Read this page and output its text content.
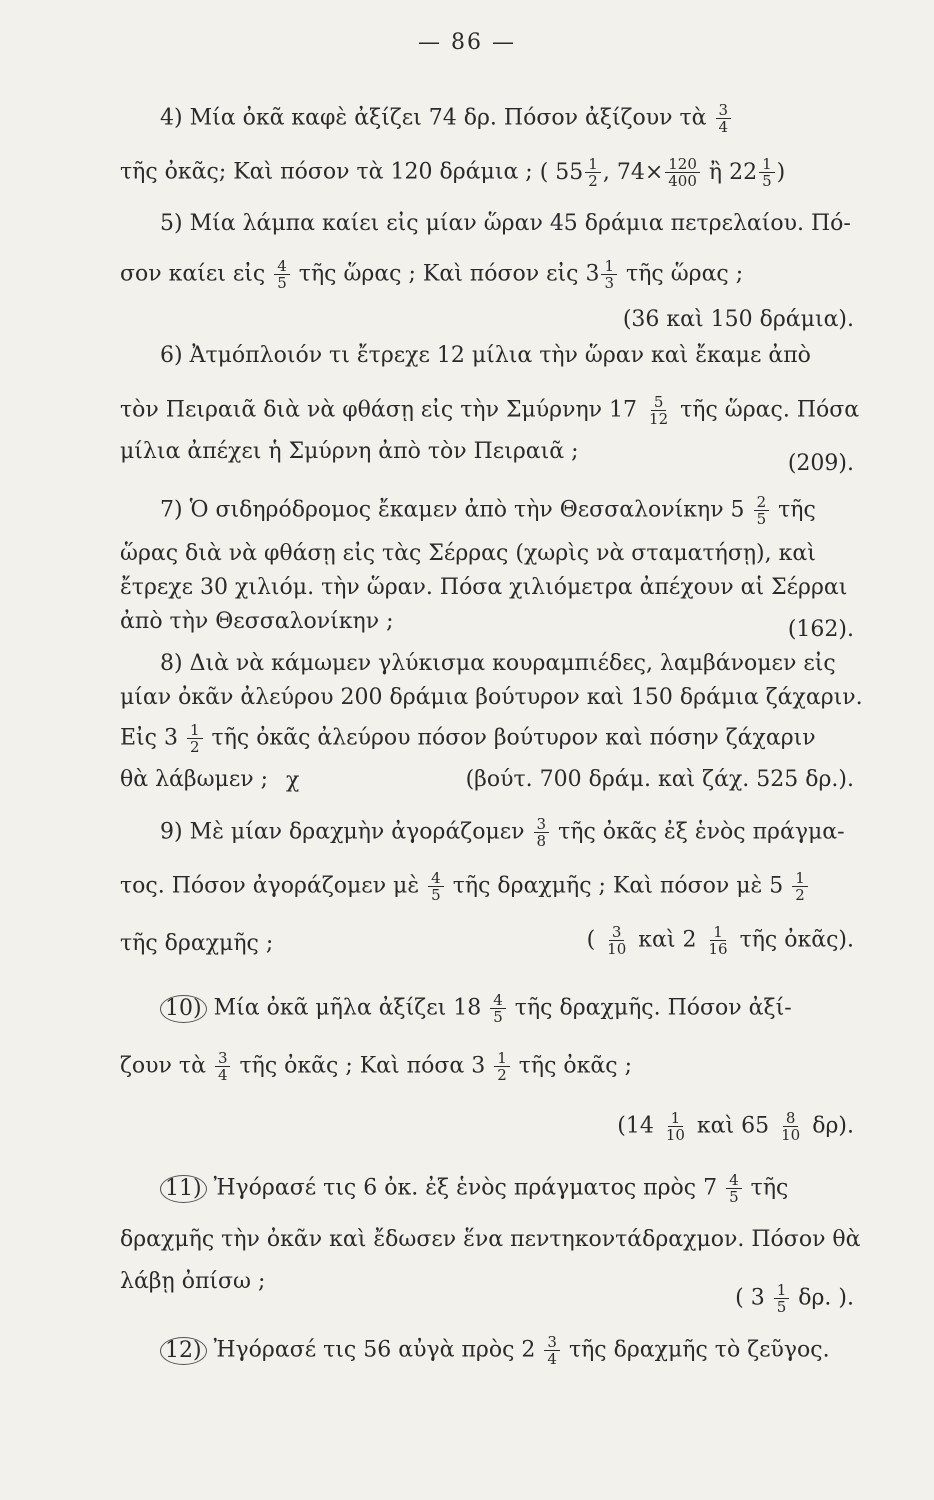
— 86 —
4) Μία ὀκᾶ καφὲ ἀξίζει 74 δρ. Πόσον ἀξίζουν τὰ $\frac{3}{4}$
τῆς ὀκᾶς; Καὶ πόσον τὰ 120 δράμια ; ( $55 \frac{1}{2}$ , $74\times \frac{120}{400}$ ἢ $22 \frac{1}{5}$ )
5) Μία λάμπα καίει εἰς μίαν ὥραν 45 δράμια πετρελαίου. Πό-
σον καίει εἰς $\frac{4}{5}$ τῆς ὥρας ; Καὶ πόσον εἰς $3 \frac{1}{3}$ τῆς ὥρας ;
(36 καὶ 150 δράμια).
6) Ἀτμόπλοιόν τι ἔτρεχε 12 μίλια τὴν ὥραν καὶ ἔκαμε ἀπὸ
τὸν Πειραιᾶ διὰ νὰ φθάσῃ εἰς τὴν Σμύρνην $17 \frac{5}{12}$ τῆς ὥρας. Πόσα
μίλια ἀπέχει ἡ Σμύρνη ἀπὸ τὸν Πειραιᾶ ;	(209).
7) Ὁ σιδηρόδρομος ἔκαμεν ἀπὸ τὴν Θεσσαλονίκην $5 \frac{2}{5}$ τῆς
ὥρας διὰ νὰ φθάσῃ εἰς τὰς Σέρρας (χωρὶς νὰ σταματήσῃ), καὶ
ἔτρεχε 30 χιλιόμ. τὴν ὥραν. Πόσα χιλιόμετρα ἀπέχουν αἱ Σέρραι
ἀπὸ τὴν Θεσσαλονίκην ;	(162).
8) Διὰ νὰ κάμωμεν γλύκισμα κουραμπιέδες, λαμβάνομεν εἰς
μίαν ὀκᾶν ἀλεύρου 200 δράμια βούτυρον καὶ 150 δράμια ζάχαριν.
Εἰς $3 \frac{1}{2}$ τῆς ὀκᾶς ἀλεύρου πόσον βούτυρον καὶ πόσην ζάχαριν
θὰ λάβωμεν ; χ	(βούτ. 700 δράμ. καὶ ζάχ. 525 δρ.).
9) Μὲ μίαν δραχμὴν ἀγοράζομεν $\frac{3}{8}$ τῆς ὀκᾶς ἐξ ἑνὸς πράγμα-
τος. Πόσον ἀγοράζομεν μὲ $\frac{4}{5}$ τῆς δραχμῆς ; Καὶ πόσον μὲ $5 \frac{1}{2}$
τῆς δραχμῆς ;	( $\frac{3}{10}$ καὶ $2 \frac{1}{16}$ τῆς ὀκᾶς).
10) Μία ὀκᾶ μῆλα ἀξίζει $18 \frac{4}{5}$ τῆς δραχμῆς. Πόσον ἀξί-
ζουν τὰ $\frac{3}{4}$ τῆς ὀκᾶς ; Καὶ πόσα $3 \frac{1}{2}$ τῆς ὀκᾶς ;
($14 \frac{1}{10}$ καὶ $65 \frac{8}{10} \delta\rho$).
11) Ἠγόρασέ τις 6 ὀκ. ἐξ ἑνὸς πράγματος πρὸς $7 \frac{4}{5}$ τῆς
δραχμῆς τὴν ὀκᾶν καὶ ἔδωσεν ἕνα πεντηκοντάδραχμον. Πόσον θὰ
λάβῃ ὀπίσω ;
( $3 \frac{1}{5} \delta\rho$. ).
12) Ἠγόρασέ τις 56 αὐγὰ πρὸς $2 \frac{3}{4}$ τῆς δραχμῆς τὸ ζεῦγος.
